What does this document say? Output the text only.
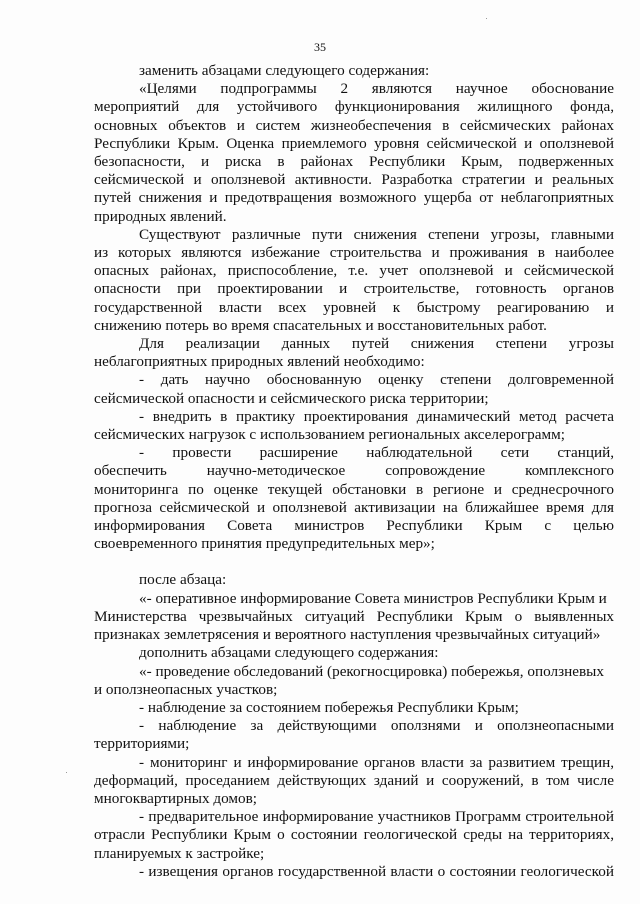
35
заменить абзацами следующего содержания:
«Целями подпрограммы 2 являются научное обоснование
мероприятий для устойчивого функционирования жилищного фонда,
основных объектов и систем жизнеобеспечения в сейсмических районах
Республики Крым. Оценка приемлемого уровня сейсмической и оползневой
безопасности, и риска в районах Республики Крым, подверженных
сейсмической и оползневой активности. Разработка стратегии и реальных
путей снижения и предотвращения возможного ущерба от неблагоприятных
природных явлений.
Существуют различные пути снижения степени угрозы, главными
из которых являются избежание строительства и проживания в наиболее
опасных районах, приспособление, т.е. учет оползневой и сейсмической
опасности при проектировании и строительстве, готовность органов
государственной власти всех уровней к быстрому реагированию и
снижению потерь во время спасательных и восстановительных работ.
Для реализации данных путей снижения степени угрозы
неблагоприятных природных явлений необходимо:
- дать научно обоснованную оценку степени долговременной
сейсмической опасности и сейсмического риска территории;
- внедрить в практику проектирования динамический метод расчета
сейсмических нагрузок с использованием региональных акселерограмм;
- провести расширение наблюдательной сети станций,
обеспечить научно-методическое сопровождение комплексного
мониторинга по оценке текущей обстановки в регионе и среднесрочного
прогноза сейсмической и оползневой активизации на ближайшее время для
информирования Совета министров Республики Крым с целью
своевременного принятия предупредительных мер»;
после абзаца:
«- оперативное информирование Совета министров Республики Крым и
Министерства чрезвычайных ситуаций Республики Крым о выявленных
признаках землетрясения и вероятного наступления чрезвычайных ситуаций»
дополнить абзацами следующего содержания:
«- проведение обследований (рекогносцировка) побережья, оползневых
и оползнеопасных участков;
- наблюдение за состоянием побережья Республики Крым;
- наблюдение за действующими оползнями и оползнеопасными
территориями;
- мониторинг и информирование органов власти за развитием трещин,
деформаций, проседанием действующих зданий и сооружений, в том числе
многоквартирных домов;
- предварительное информирование участников Программ строительной
отрасли Республики Крым о состоянии геологической среды на территориях,
планируемых к застройке;
- извещения органов государственной власти о состоянии геологической
